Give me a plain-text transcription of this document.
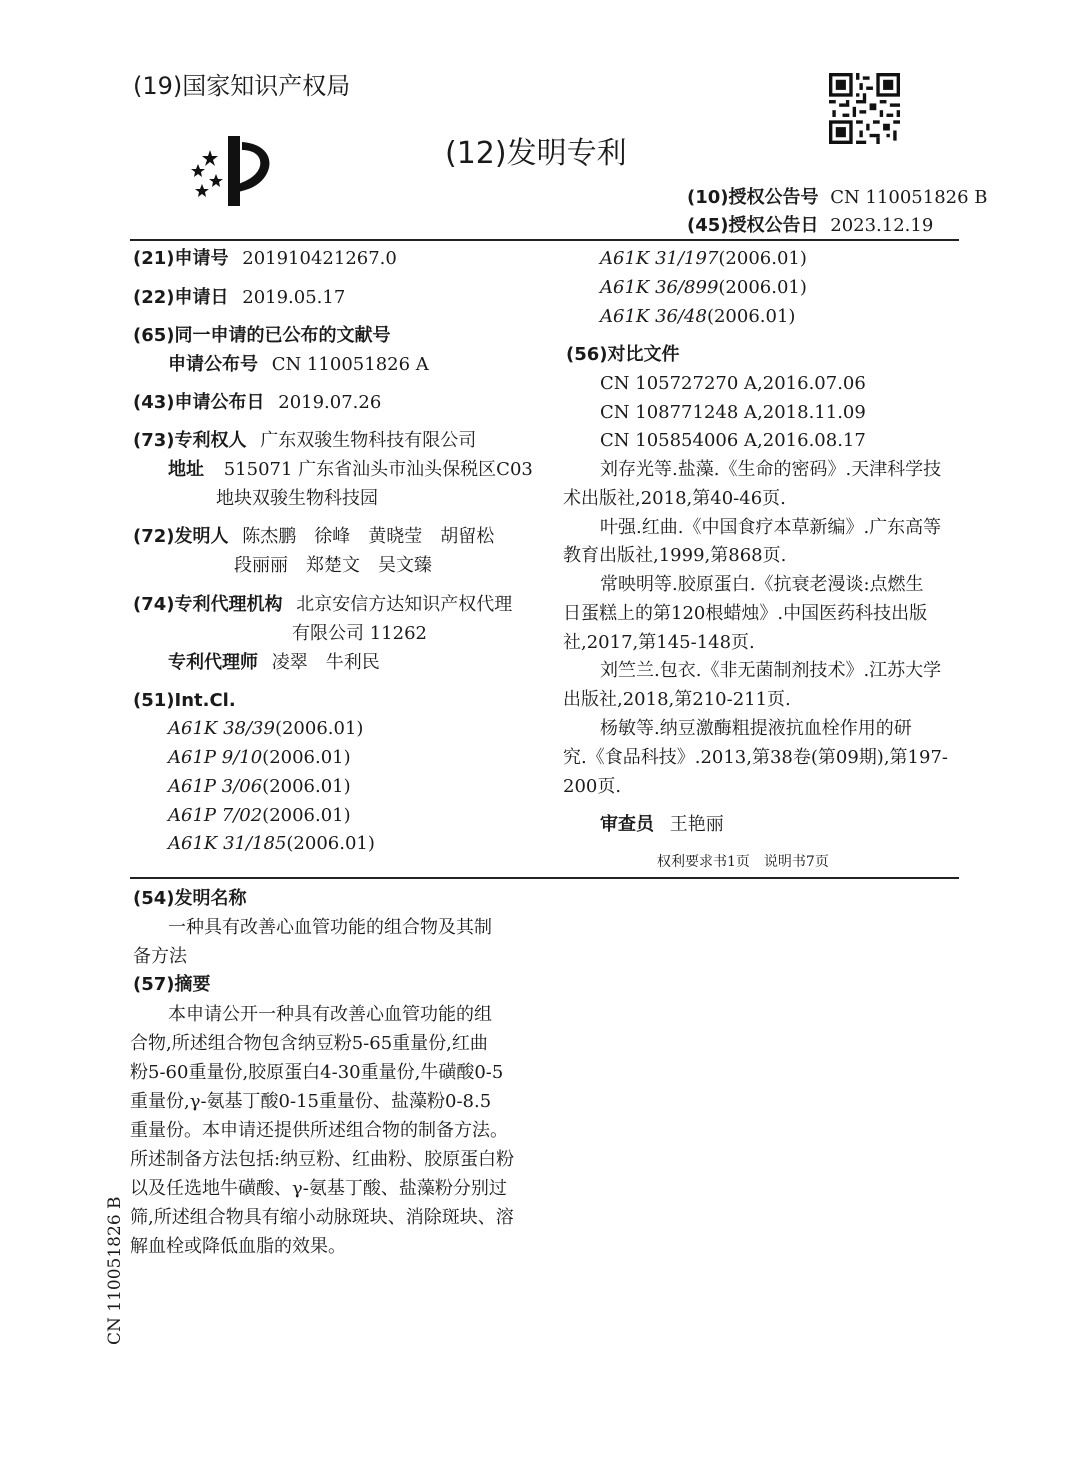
(19)国家知识产权局
(12)发明专利
(10)授权公告号 CN 110051826 B
(45)授权公告日 2023.12.19
(21)申请号 201910421267.0
(22)申请日 2019.05.17
(65)同一申请的已公布的文献号
申请公布号 CN 110051826 A
(43)申请公布日 2019.07.26
(73)专利权人 广东双骏生物科技有限公司
地址 515071 广东省汕头市汕头保税区C03
地块双骏生物科技园
(72)发明人 陈杰鹏　徐峰　黄晓莹　胡留松
段丽丽　郑楚文　吴文臻
(74)专利代理机构 北京安信方达知识产权代理
有限公司 11262
专利代理师 凌翠　牛利民
(51)Int.Cl.
A61K 38/39(2006.01)
A61P 9/10(2006.01)
A61P 3/06(2006.01)
A61P 7/02(2006.01)
A61K 31/185(2006.01)
A61K 31/197(2006.01)
A61K 36/899(2006.01)
A61K 36/48(2006.01)
(56)对比文件
CN 105727270 A,2016.07.06
CN 108771248 A,2018.11.09
CN 105854006 A,2016.08.17
刘存光等.盐藻.《生命的密码》.天津科学技
术出版社,2018,第40-46页.
叶强.红曲.《中国食疗本草新编》.广东高等
教育出版社,1999,第868页.
常映明等.胶原蛋白.《抗衰老漫谈:点燃生
日蛋糕上的第120根蜡烛》.中国医药科技出版
社,2017,第145-148页.
刘竺兰.包衣.《非无菌制剂技术》.江苏大学
出版社,2018,第210-211页.
杨敏等.纳豆激酶粗提液抗血栓作用的研
究.《食品科技》.2013,第38卷(第09期),第197-
200页.
审查员 王艳丽
权利要求书1页　说明书7页
(54)发明名称
一种具有改善心血管功能的组合物及其制
备方法
(57)摘要
本申请公开一种具有改善心血管功能的组
合物,所述组合物包含纳豆粉5-65重量份,红曲
粉5-60重量份,胶原蛋白4-30重量份,牛磺酸0-5
重量份,γ-氨基丁酸0-15重量份、盐藻粉0-8.5
重量份。本申请还提供所述组合物的制备方法。
所述制备方法包括:纳豆粉、红曲粉、胶原蛋白粉
以及任选地牛磺酸、γ-氨基丁酸、盐藻粉分别过
筛,所述组合物具有缩小动脉斑块、消除斑块、溶
解血栓或降低血脂的效果。
CN 110051826 B
